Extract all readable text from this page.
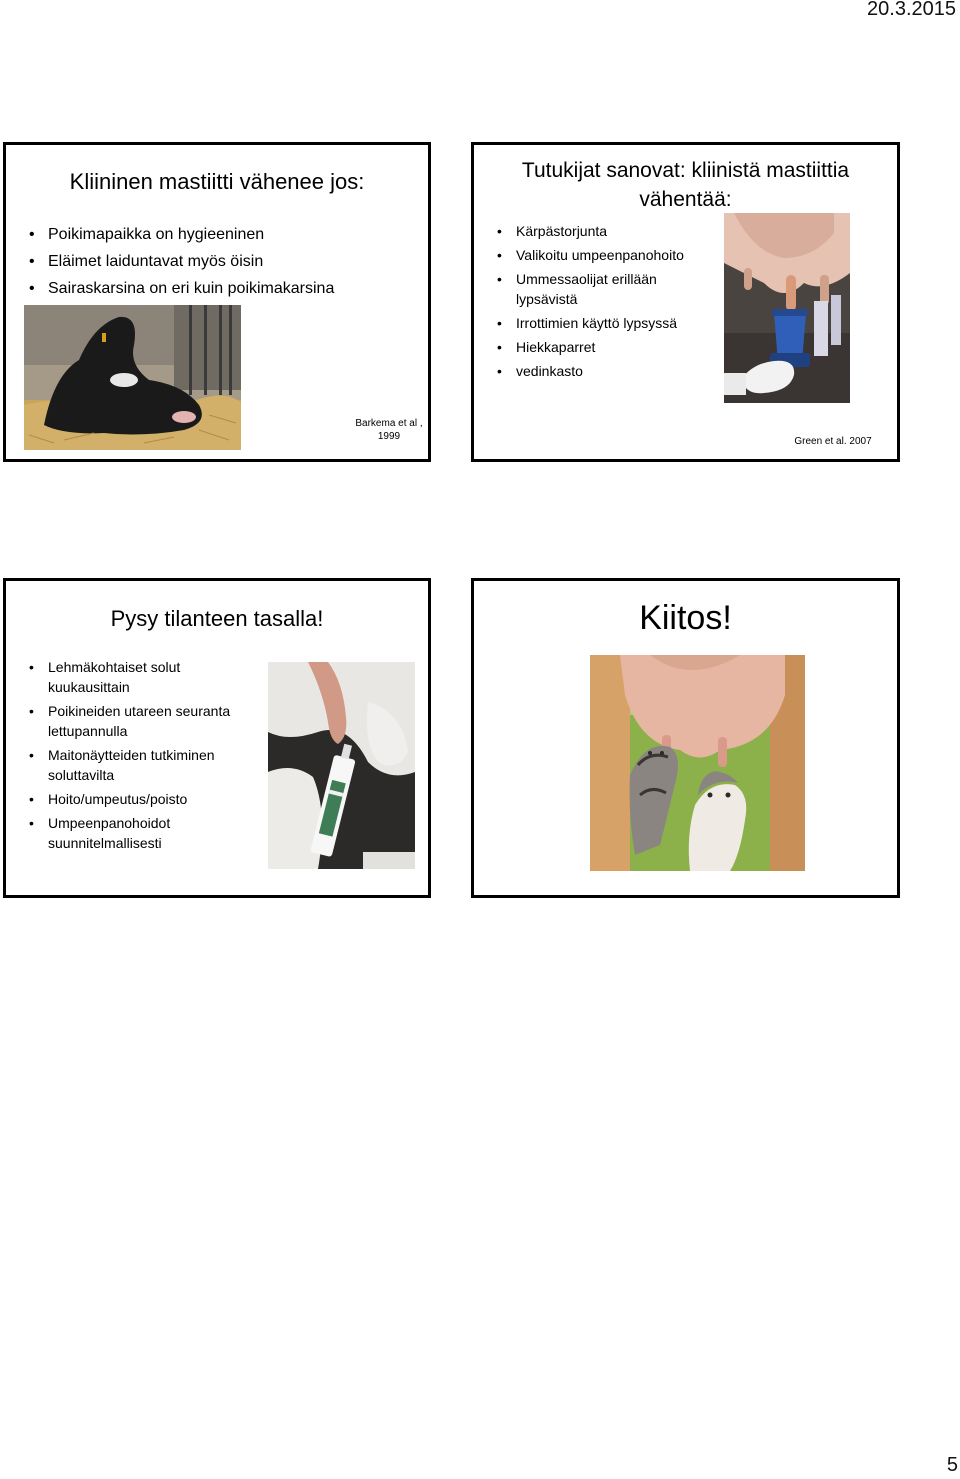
20.3.2015
Kliininen mastiitti vähenee jos:
• Poikimapaikka on hygieeninen
• Eläimet laiduntavat myös öisin
• Sairaskarsina on eri kuin poikimakarsina
Barkema et al ,
1999
Tutukijat sanovat: kliinistä mastiittia
vähentää:
• Kärpästorjunta
• Valikoitu umpeenpanohoito
• Ummessaolijat erillään lypsävistä
• Irrottimien käyttö lypsyssä
• Hiekkaparret
• vedinkasto
Green et al. 2007
Pysy tilanteen tasalla!
• Lehmäkohtaiset solut kuukausittain
• Poikineiden utareen seuranta lettupannulla
• Maitonäytteiden tutkiminen soluttavilta
• Hoito/umpeutus/poisto
• Umpeenpanohoidot suunnitelmallisesti
Kiitos!
5
